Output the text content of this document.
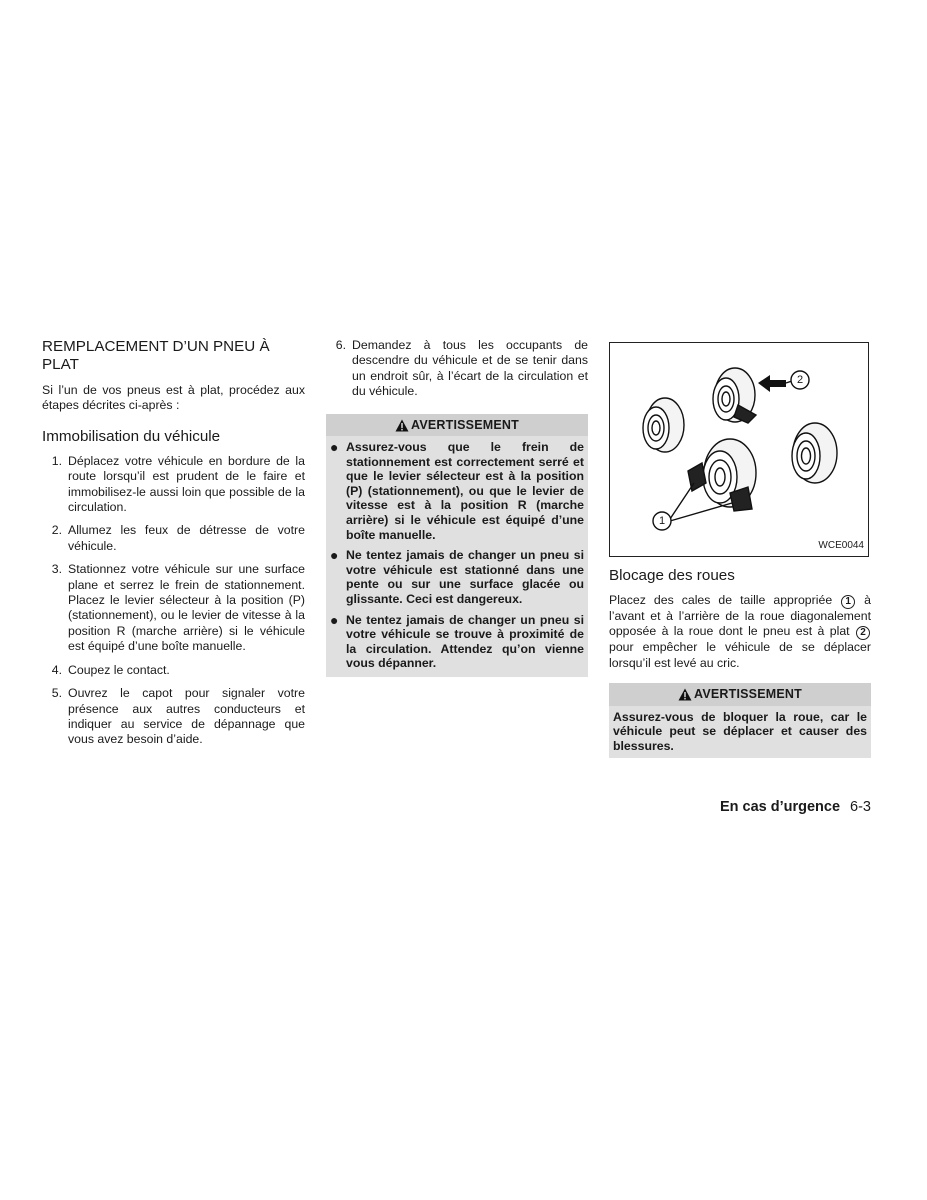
REMPLACEMENT D’UN PNEU À PLAT

Si l’un de vos pneus est à plat, procédez aux étapes décrites ci-après :

Immobilisation du véhicule
1. Déplacez votre véhicule en bordure de la route lorsqu’il est prudent de le faire et immobilisez-le aussi loin que possible de la circulation.
2. Allumez les feux de détresse de votre véhicule.
3. Stationnez votre véhicule sur une surface plane et serrez le frein de stationnement. Placez le levier sélecteur à la position (P) (stationnement), ou le levier de vitesse à la position R (marche arrière) si le véhicule est équipé d’une boîte manuelle.
4. Coupez le contact.
5. Ouvrez le capot pour signaler votre présence aux autres conducteurs et indiquer au service de dépannage que vous avez besoin d’aide.
6. Demandez à tous les occupants de descendre du véhicule et de se tenir dans un endroit sûr, à l’écart de la circulation et du véhicule.
AVERTISSEMENT
● Assurez-vous que le frein de stationnement est correctement serré et que le levier sélecteur est à la position (P) (stationnement), ou que le levier de vitesse est à la position R (marche arrière) si le véhicule est équipé d’une boîte manuelle.
● Ne tentez jamais de changer un pneu si votre véhicule est stationné dans une pente ou sur une surface glacée ou glissante. Ceci est dangereux.
● Ne tentez jamais de changer un pneu si votre véhicule se trouve à proximité de la circulation. Attendez qu’on vienne vous dépanner.
2
1
WCE0044
Blocage des roues

Placez des cales de taille appropriée 1 à l’avant et à l’arrière de la roue diagonalement opposée à la roue dont le pneu est à plat 2 pour empêcher le véhicule de se déplacer lorsqu’il est levé au cric.

AVERTISSEMENT

Assurez-vous de bloquer la roue, car le véhicule peut se déplacer et causer des blessures.

En cas d’urgence 6-3
